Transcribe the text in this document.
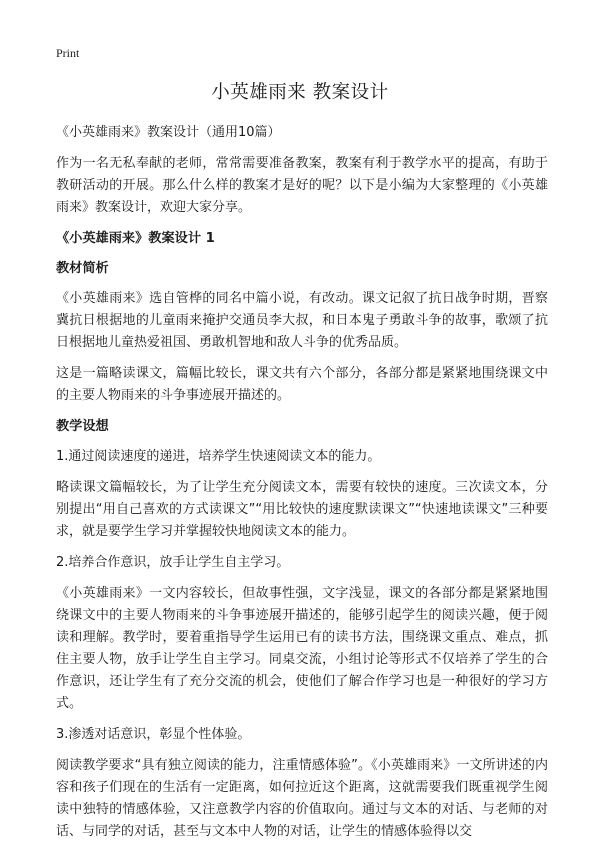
Print
小英雄雨来 教案设计

《小英雄雨来》教案设计（通用10篇）

作为一名无私奉献的老师，常常需要准备教案，教案有利于教学水平的提高，有助于教研活动的开展。那么什么样的教案才是好的呢？以下是小编为大家整理的《小英雄雨来》教案设计，欢迎大家分享。

《小英雄雨来》教案设计 1

教材简析

《小英雄雨来》选自管桦的同名中篇小说，有改动。课文记叙了抗日战争时期，晋察冀抗日根据地的儿童雨来掩护交通员李大叔，和日本鬼子勇敢斗争的故事，歌颂了抗日根据地儿童热爱祖国、勇敢机智地和敌人斗争的优秀品质。

这是一篇略读课文，篇幅比较长，课文共有六个部分，各部分都是紧紧地围绕课文中的主要人物雨来的斗争事迹展开描述的。

教学设想

1.通过阅读速度的递进，培养学生快速阅读文本的能力。

略读课文篇幅较长，为了让学生充分阅读文本，需要有较快的速度。三次读文本，分别提出“用自己喜欢的方式读课文”“用比较快的速度默读课文”“快速地读课文”三种要求，就是要学生学习并掌握较快地阅读文本的能力。

2.培养合作意识，放手让学生自主学习。

《小英雄雨来》一文内容较长，但故事性强，文字浅显，课文的各部分都是紧紧地围绕课文中的主要人物雨来的斗争事迹展开描述的，能够引起学生的阅读兴趣，便于阅读和理解。教学时，要着重指导学生运用已有的读书方法，围绕课文重点、难点，抓住主要人物，放手让学生自主学习。同桌交流，小组讨论等形式不仅培养了学生的合作意识，还让学生有了充分交流的机会，使他们了解合作学习也是一种很好的学习方式。

3.渗透对话意识，彰显个性体验。

阅读教学要求“具有独立阅读的能力，注重情感体验”。《小英雄雨来》一文所讲述的内容和孩子们现在的生活有一定距离，如何拉近这个距离，这就需要我们既重视学生阅读中独特的情感体验，又注意教学内容的价值取向。通过与文本的对话、与老师的对话、与同学的对话，甚至与文本中人物的对话，让学生的情感体验得以交
